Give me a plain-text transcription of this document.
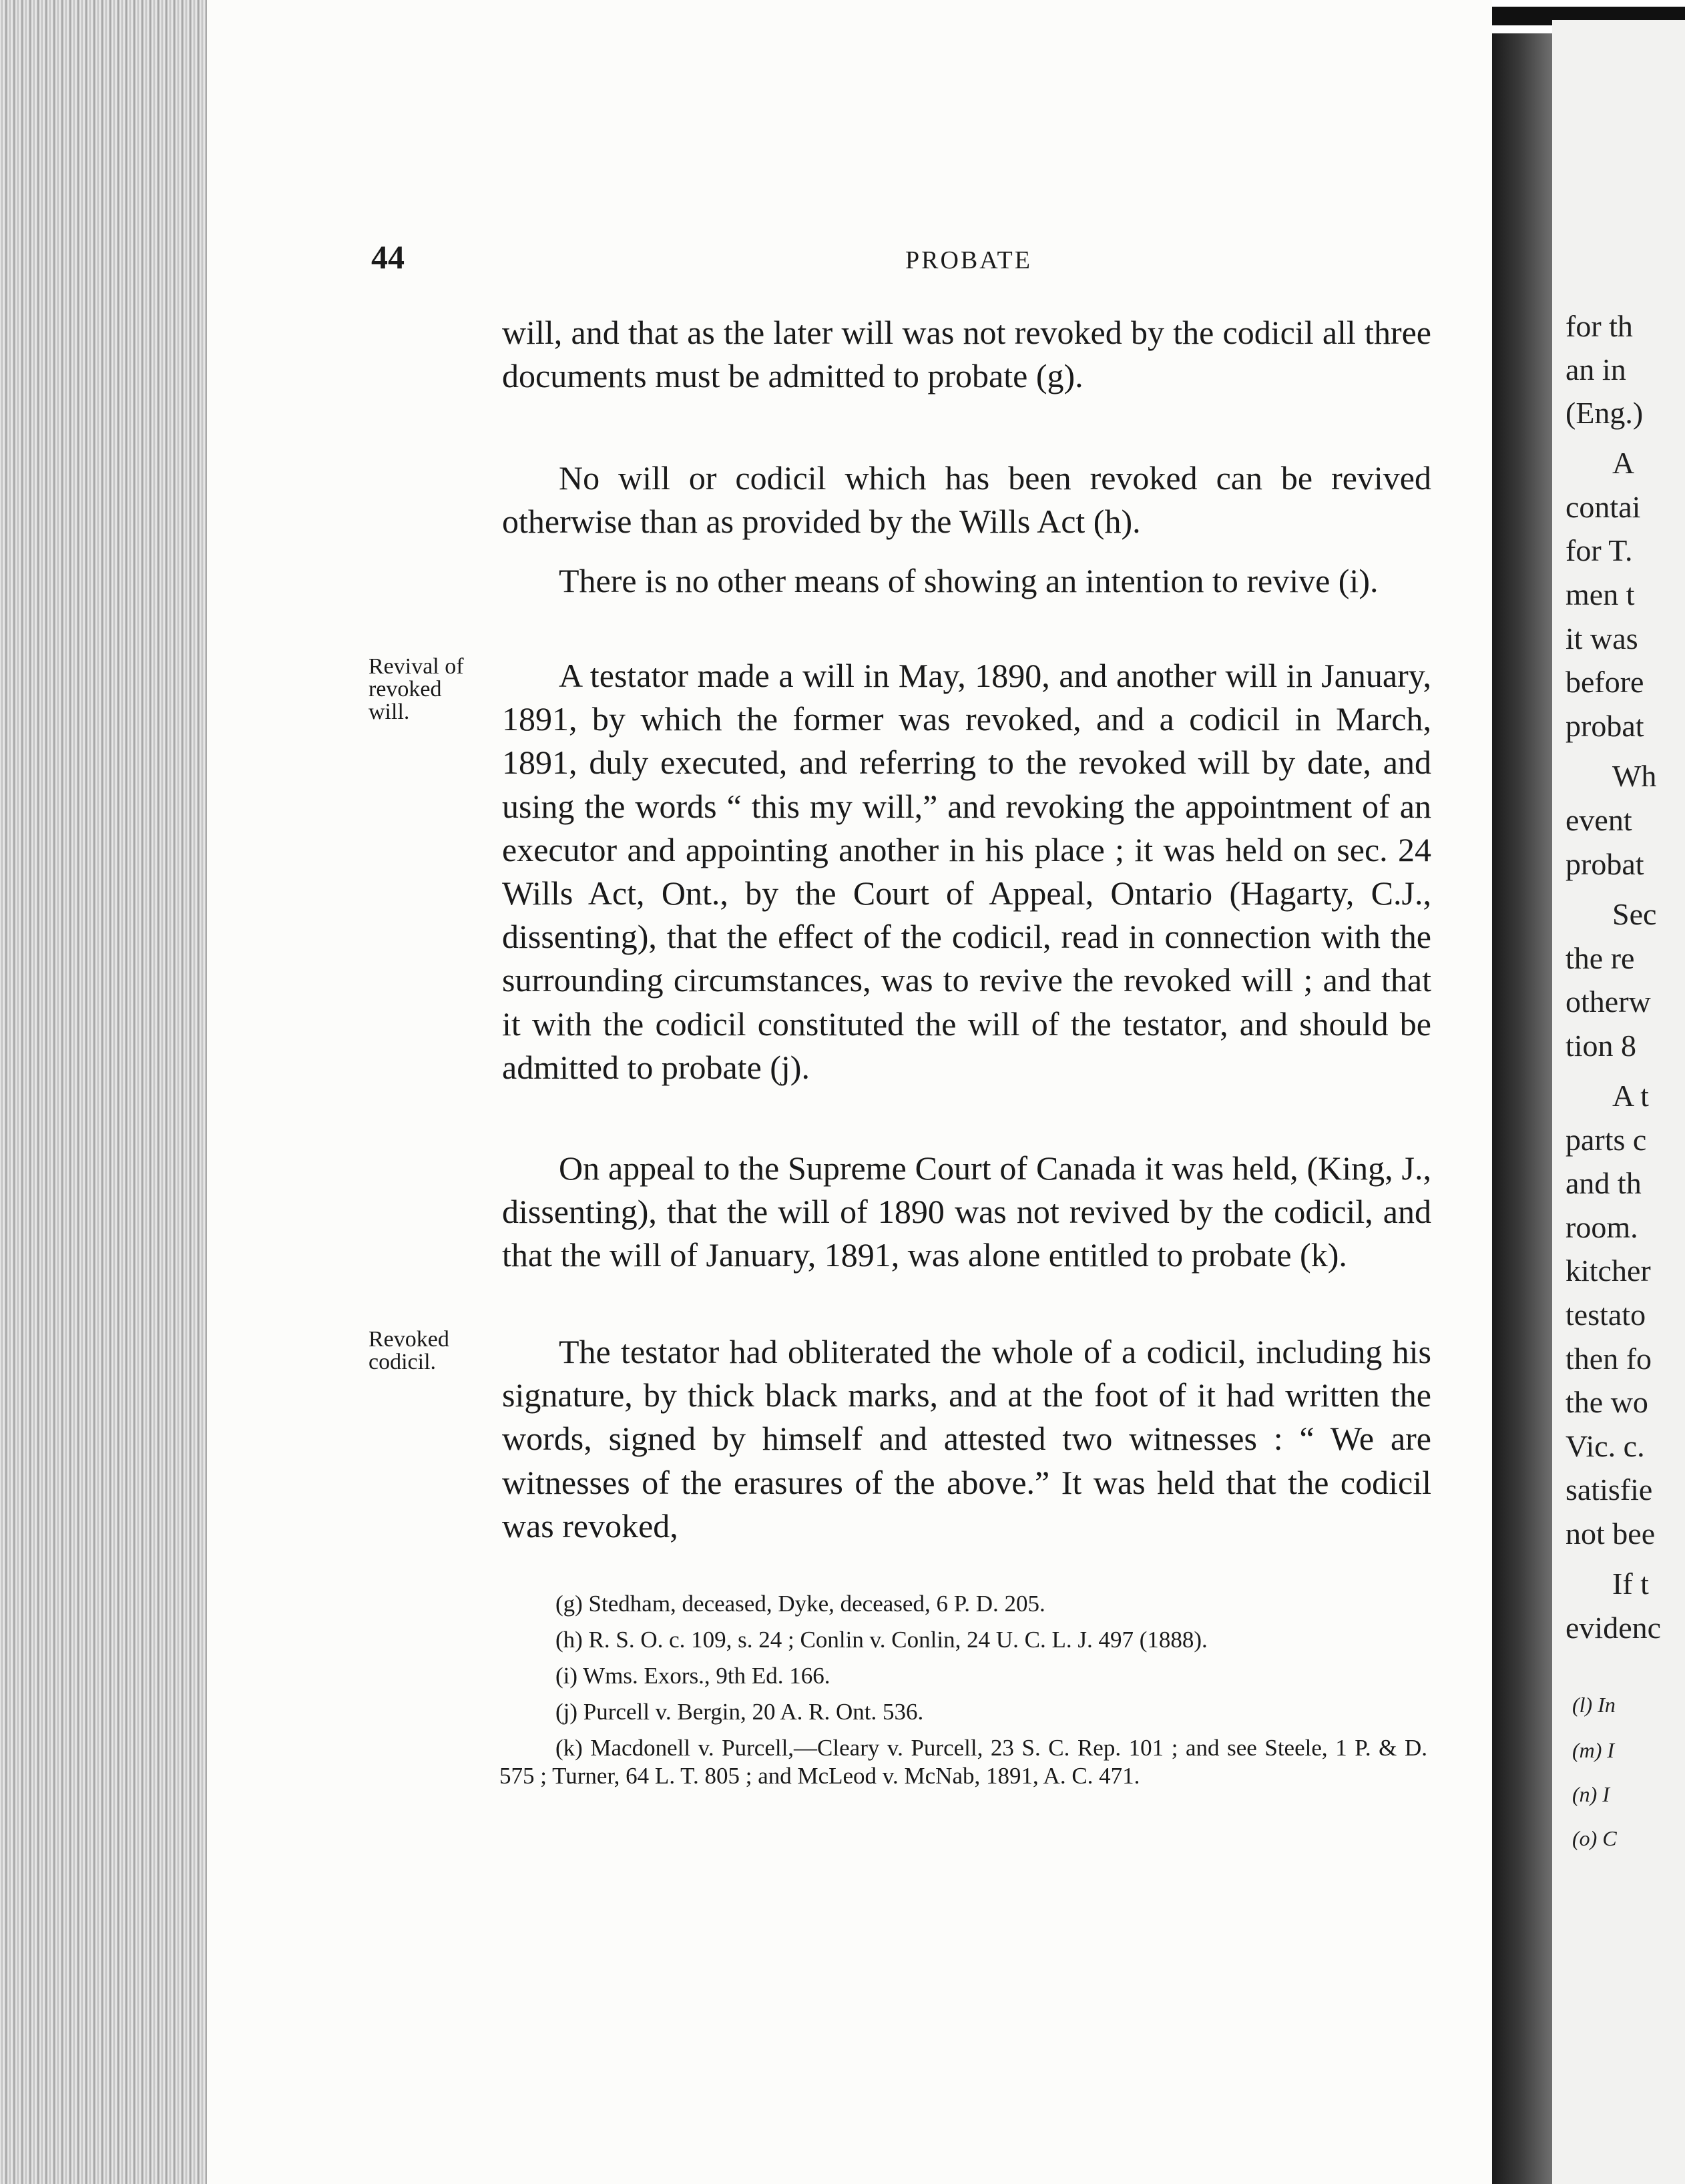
for th
an in
(Eng.)
A
contai
for T.
men t
it was
before
probat
Wh
event
probat
Sec
the re
otherw
tion 8
A t
parts c
and th
room.
kitcher
testato
then fo
the wo
Vic. c.
satisfie
not bee
If t
evidenc
(l) In
(m) I
(n) I
(o) C
44	PROBATE

will, and that as the later will was not revoked by the codicil all three documents must be admitted to probate (g).

No will or codicil which has been revoked can be revived otherwise than as provided by the Wills Act (h).

There is no other means of showing an intention to revive (i).

Revival of
revoked
will.

A testator made a will in May, 1890, and another will in January, 1891, by which the former was revoked, and a codicil in March, 1891, duly executed, and referring to the revoked will by date, and using the words “ this my will,” and revoking the appointment of an executor and appointing another in his place ; it was held on sec. 24 Wills Act, Ont., by the Court of Appeal, Ontario (Hagarty, C.J., dissenting), that the effect of the codicil, read in connection with the surrounding circumstances, was to revive the revoked will ; and that it with the codicil constituted the will of the testator, and should be admitted to probate (j).

On appeal to the Supreme Court of Canada it was held, (King, J., dissenting), that the will of 1890 was not revived by the codicil, and that the will of January, 1891, was alone entitled to probate (k).

Revoked
codicil.	The testator had obliterated the whole of a codicil, including his signature, by thick black marks, and at the foot of it had written the words, signed by himself and attested two witnesses : “ We are witnesses of the erasures of the above.” It was held that the codicil was revoked,

(g) Stedham, deceased, Dyke, deceased, 6 P. D. 205.

(h) R. S. O. c. 109, s. 24 ; Conlin v. Conlin, 24 U. C. L. J. 497 (1888).

(i) Wms. Exors., 9th Ed. 166.

(j) Purcell v. Bergin, 20 A. R. Ont. 536.

(k) Macdonell v. Purcell,—Cleary v. Purcell, 23 S. C. Rep. 101 ; and see Steele, 1 P. & D. 575 ; Turner, 64 L. T. 805 ; and McLeod v. McNab, 1891, A. C. 471.
